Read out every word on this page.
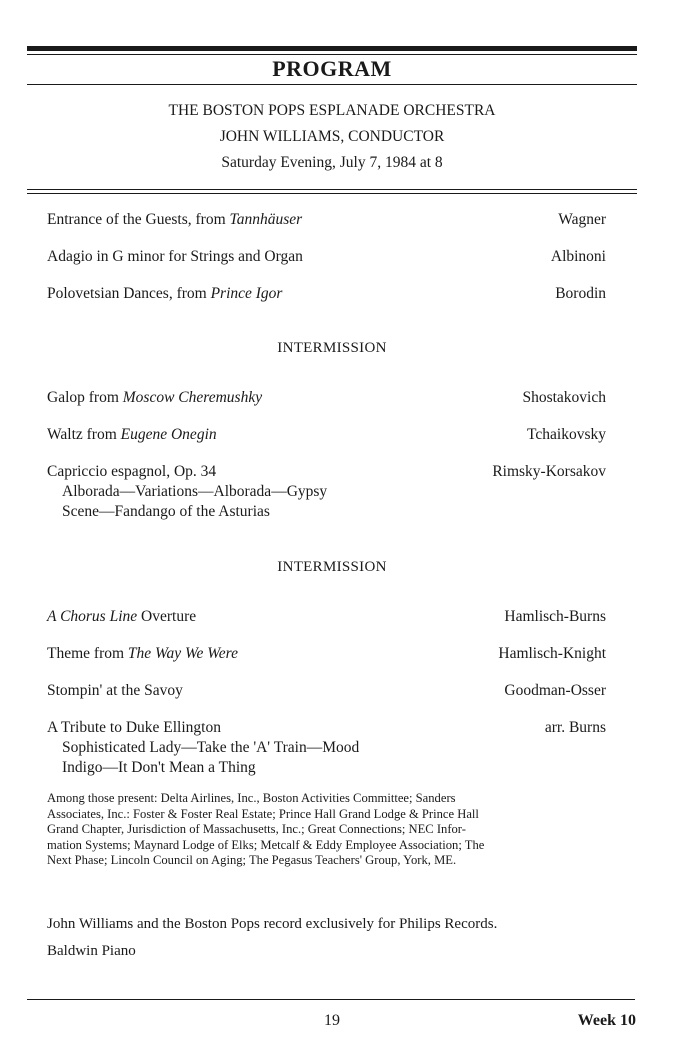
PROGRAM
THE BOSTON POPS ESPLANADE ORCHESTRA
JOHN WILLIAMS, CONDUCTOR
Saturday Evening, July 7, 1984 at 8
Entrance of the Guests, from Tannhäuser	Wagner
Adagio in G minor for Strings and Organ	Albinoni
Polovetsian Dances, from Prince Igor	Borodin
INTERMISSION
Galop from Moscow Cheremushky	Shostakovich
Waltz from Eugene Onegin	Tchaikovsky
Capriccio espagnol, Op. 34	Rimsky-Korsakov
Alborada—Variations—Alborada—Gypsy
Scene—Fandango of the Asturias
INTERMISSION
A Chorus Line Overture	Hamlisch-Burns
Theme from The Way We Were	Hamlisch-Knight
Stompin' at the Savoy	Goodman-Osser
A Tribute to Duke Ellington	arr. Burns
Sophisticated Lady—Take the 'A' Train—Mood
Indigo—It Don't Mean a Thing
Among those present: Delta Airlines, Inc., Boston Activities Committee; Sanders
Associates, Inc.: Foster & Foster Real Estate; Prince Hall Grand Lodge & Prince Hall
Grand Chapter, Jurisdiction of Massachusetts, Inc.; Great Connections; NEC Infor-
mation Systems; Maynard Lodge of Elks; Metcalf & Eddy Employee Association; The
Next Phase; Lincoln Council on Aging; The Pegasus Teachers' Group, York, ME.
John Williams and the Boston Pops record exclusively for Philips Records.
Baldwin Piano
19	Week 10
